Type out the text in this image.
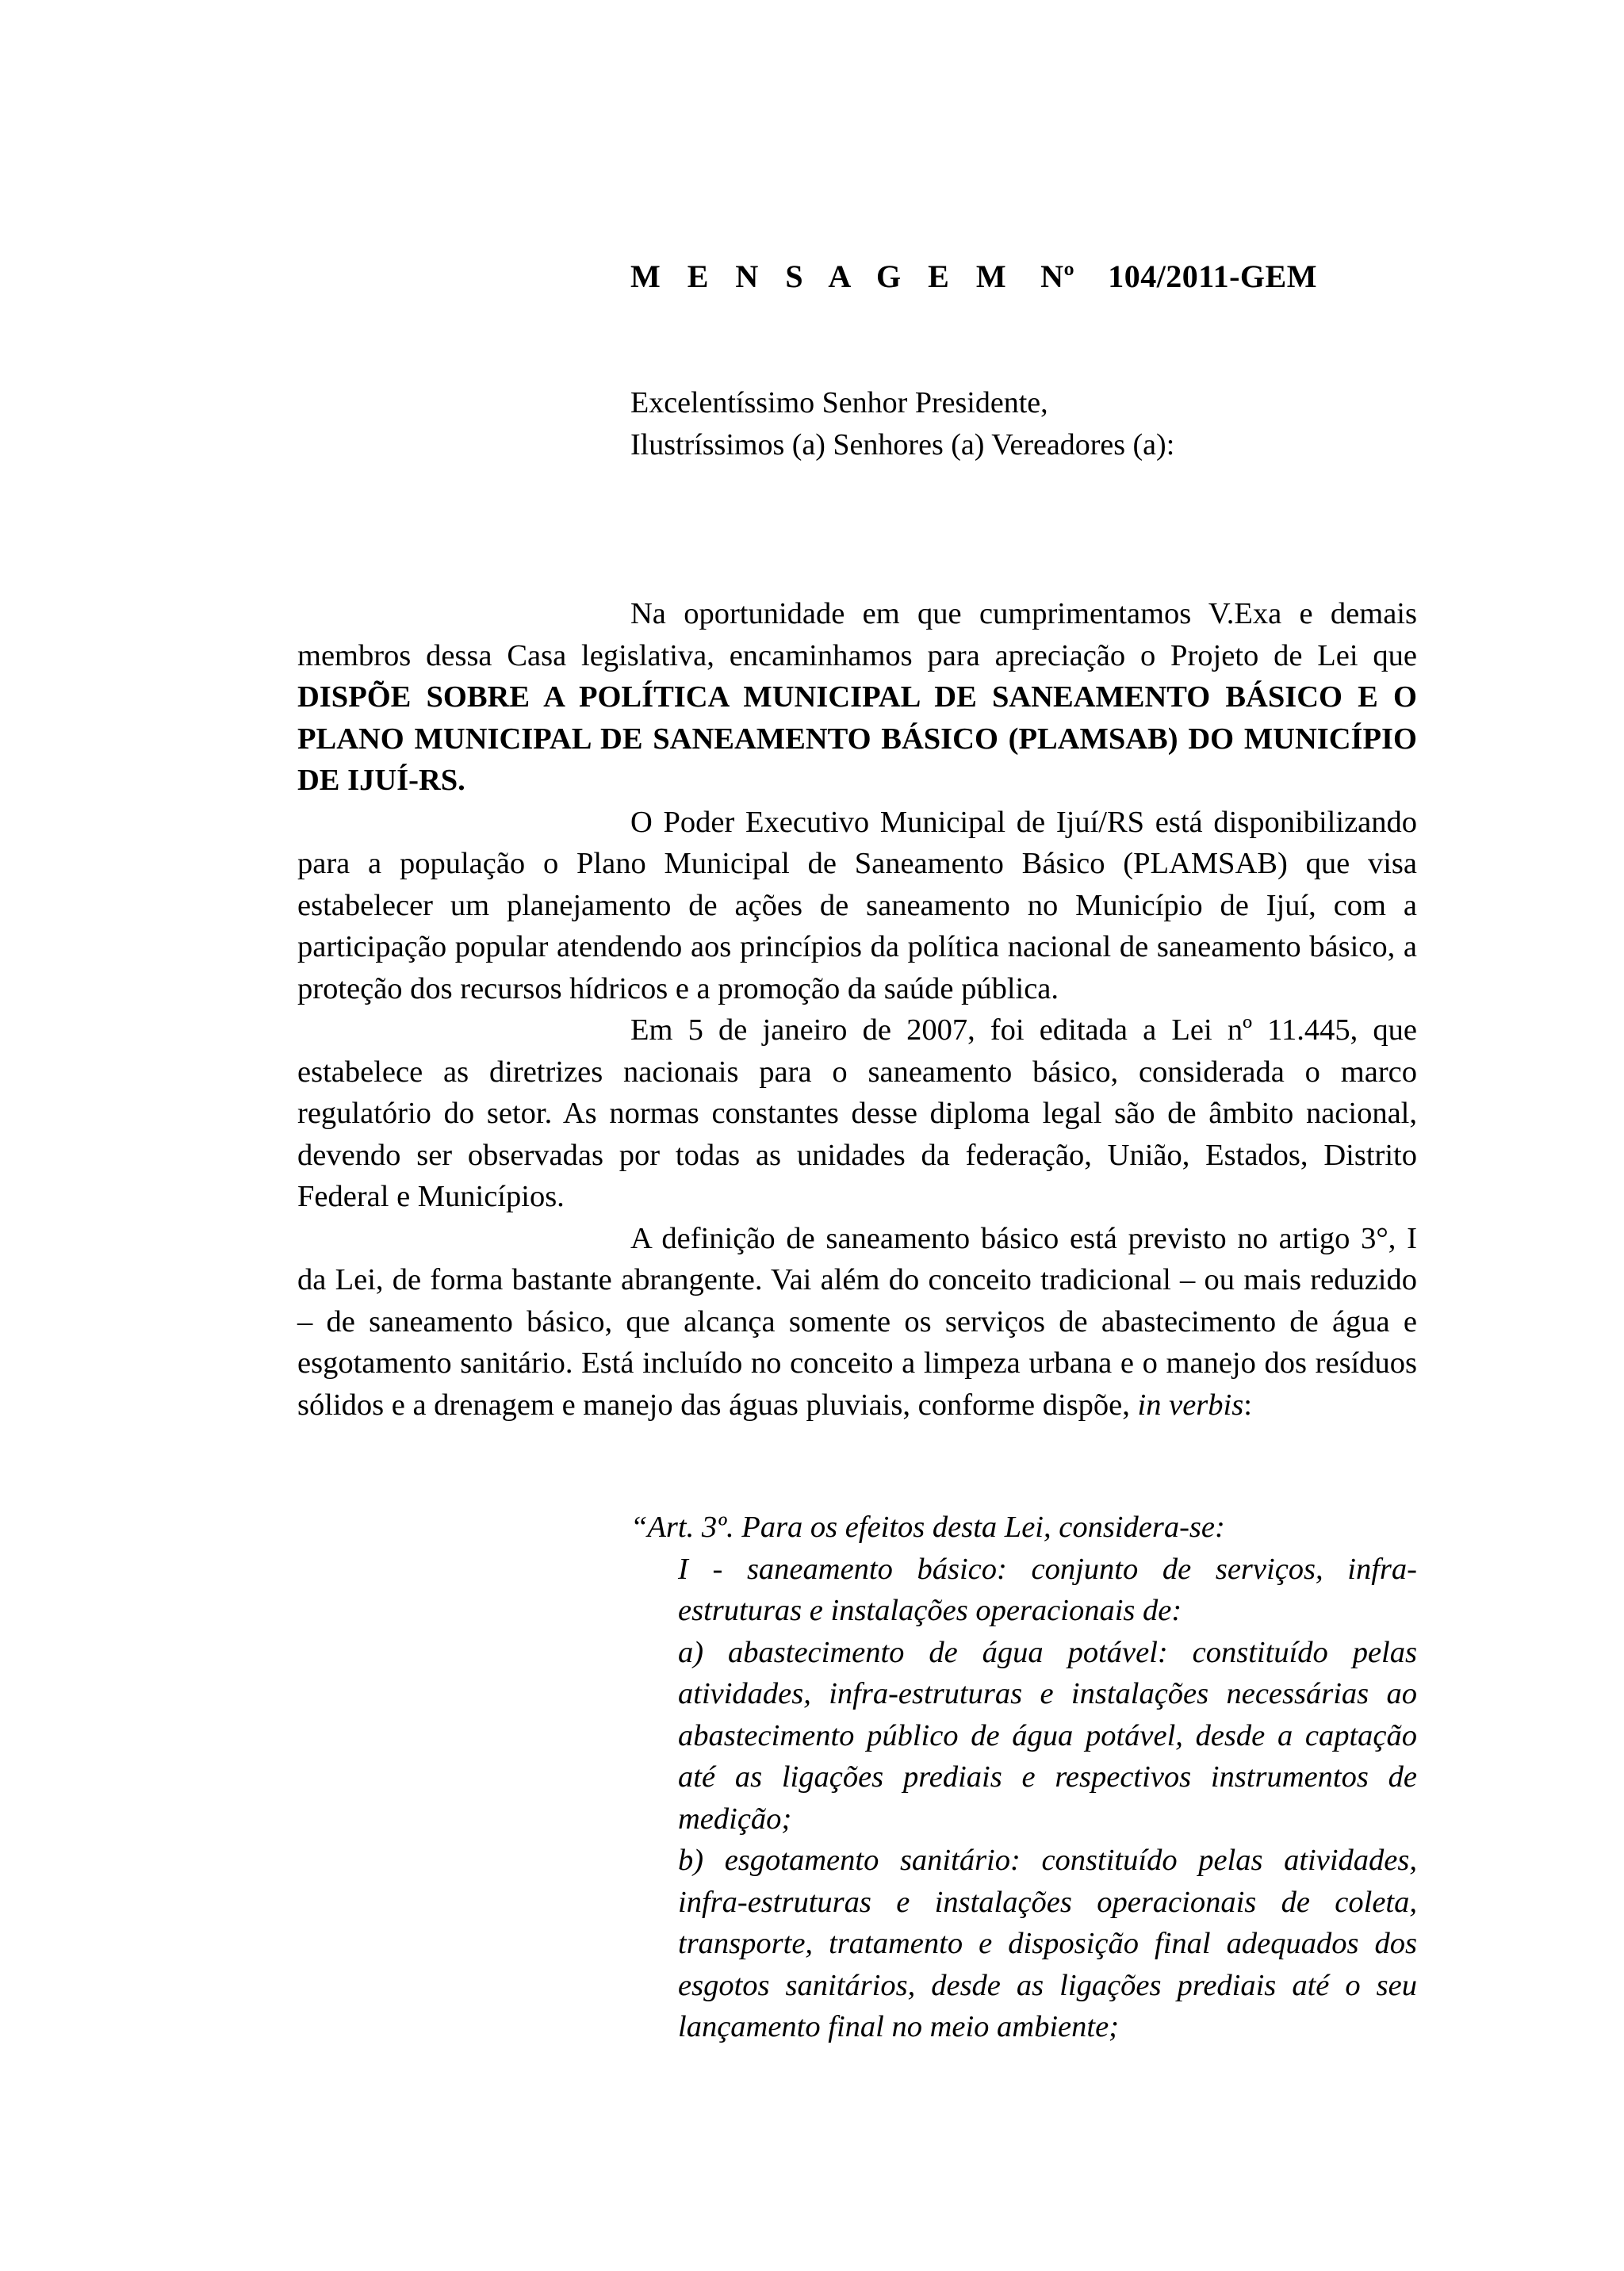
M E N S A G E M Nº 104/2011-GEM
Excelentíssimo Senhor Presidente,
Ilustríssimos (a) Senhores (a) Vereadores (a):

Na oportunidade em que cumprimentamos V.Exa e demais membros dessa Casa legislativa, encaminhamos para apreciação o Projeto de Lei que DISPÕE SOBRE A POLÍTICA MUNICIPAL DE SANEAMENTO BÁSICO E O PLANO MUNICIPAL DE SANEAMENTO BÁSICO (PLAMSAB) DO MUNICÍPIO DE IJUÍ-RS.

O Poder Executivo Municipal de Ijuí/RS está disponibilizando para a população o Plano Municipal de Saneamento Básico (PLAMSAB) que visa estabelecer um planejamento de ações de saneamento no Município de Ijuí, com a participação popular atendendo aos princípios da política nacional de saneamento básico, a proteção dos recursos hídricos e a promoção da saúde pública.

Em 5 de janeiro de 2007, foi editada a Lei nº 11.445, que estabelece as diretrizes nacionais para o saneamento básico, considerada o marco regulatório do setor. As normas constantes desse diploma legal são de âmbito nacional, devendo ser observadas por todas as unidades da federação, União, Estados, Distrito Federal e Municípios.

A definição de saneamento básico está previsto no artigo 3°, I da Lei, de forma bastante abrangente. Vai além do conceito tradicional – ou mais reduzido – de saneamento básico, que alcança somente os serviços de abastecimento de água e esgotamento sanitário. Está incluído no conceito a limpeza urbana e o manejo dos resíduos sólidos e a drenagem e manejo das águas pluviais, conforme dispõe, in verbis:

“Art. 3º. Para os efeitos desta Lei, considera-se:
I - saneamento básico: conjunto de serviços, infra-estruturas e instalações operacionais de:
a) abastecimento de água potável: constituído pelas atividades, infra-estruturas e instalações necessárias ao abastecimento público de água potável, desde a captação até as ligações prediais e respectivos instrumentos de medição;
b) esgotamento sanitário: constituído pelas atividades, infra-estruturas e instalações operacionais de coleta, transporte, tratamento e disposição final adequados dos esgotos sanitários, desde as ligações prediais até o seu lançamento final no meio ambiente;
